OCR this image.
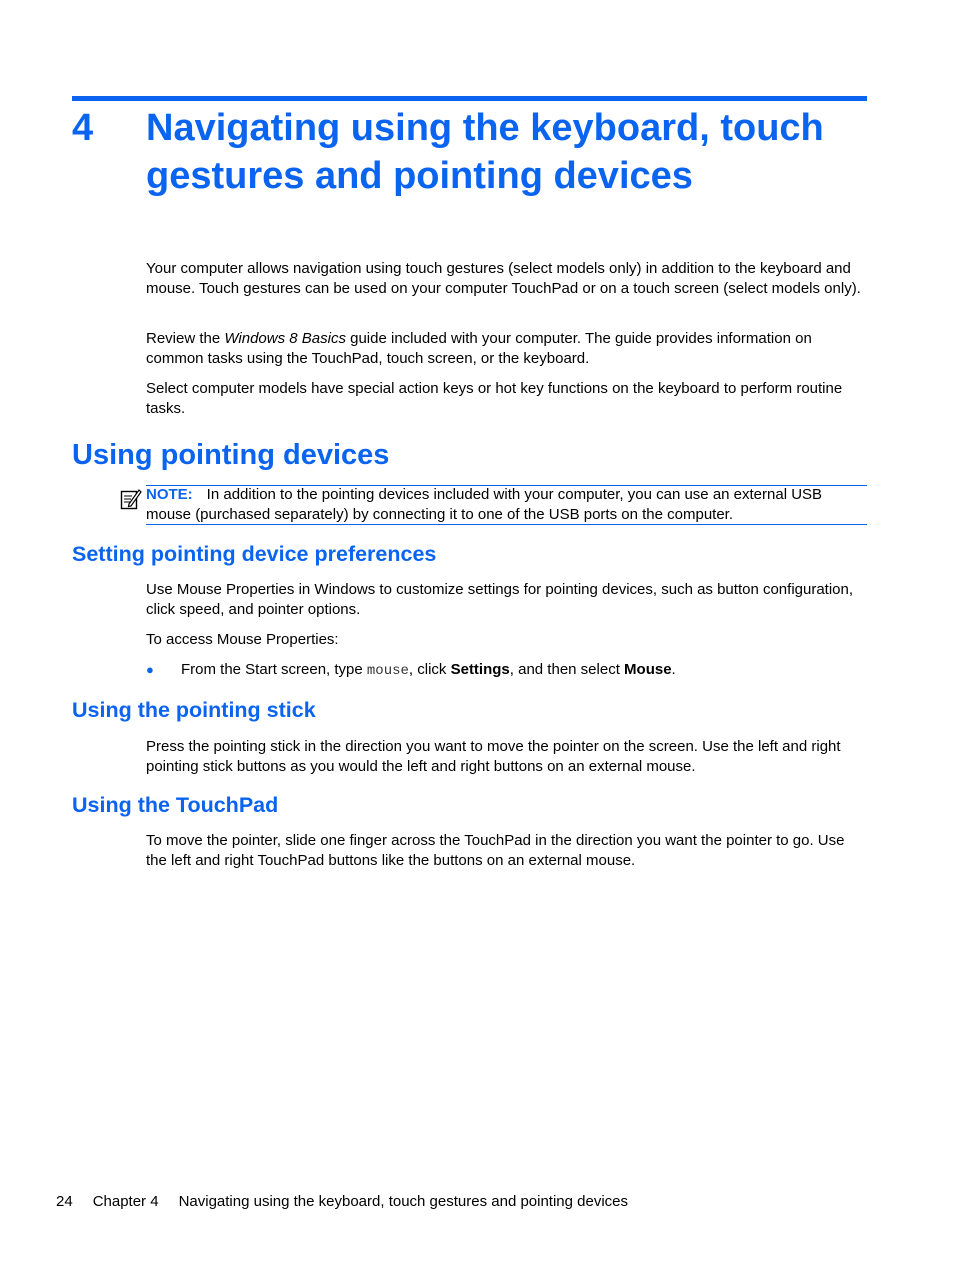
4 Navigating using the keyboard, touch gestures and pointing devices
Your computer allows navigation using touch gestures (select models only) in addition to the keyboard and mouse. Touch gestures can be used on your computer TouchPad or on a touch screen (select models only).
Review the Windows 8 Basics guide included with your computer. The guide provides information on common tasks using the TouchPad, touch screen, or the keyboard.
Select computer models have special action keys or hot key functions on the keyboard to perform routine tasks.
Using pointing devices
NOTE: In addition to the pointing devices included with your computer, you can use an external USB mouse (purchased separately) by connecting it to one of the USB ports on the computer.
Setting pointing device preferences
Use Mouse Properties in Windows to customize settings for pointing devices, such as button configuration, click speed, and pointer options.
To access Mouse Properties:
● From the Start screen, type mouse, click Settings, and then select Mouse.
Using the pointing stick
Press the pointing stick in the direction you want to move the pointer on the screen. Use the left and right pointing stick buttons as you would the left and right buttons on an external mouse.
Using the TouchPad
To move the pointer, slide one finger across the TouchPad in the direction you want the pointer to go. Use the left and right TouchPad buttons like the buttons on an external mouse.
24 Chapter 4 Navigating using the keyboard, touch gestures and pointing devices
